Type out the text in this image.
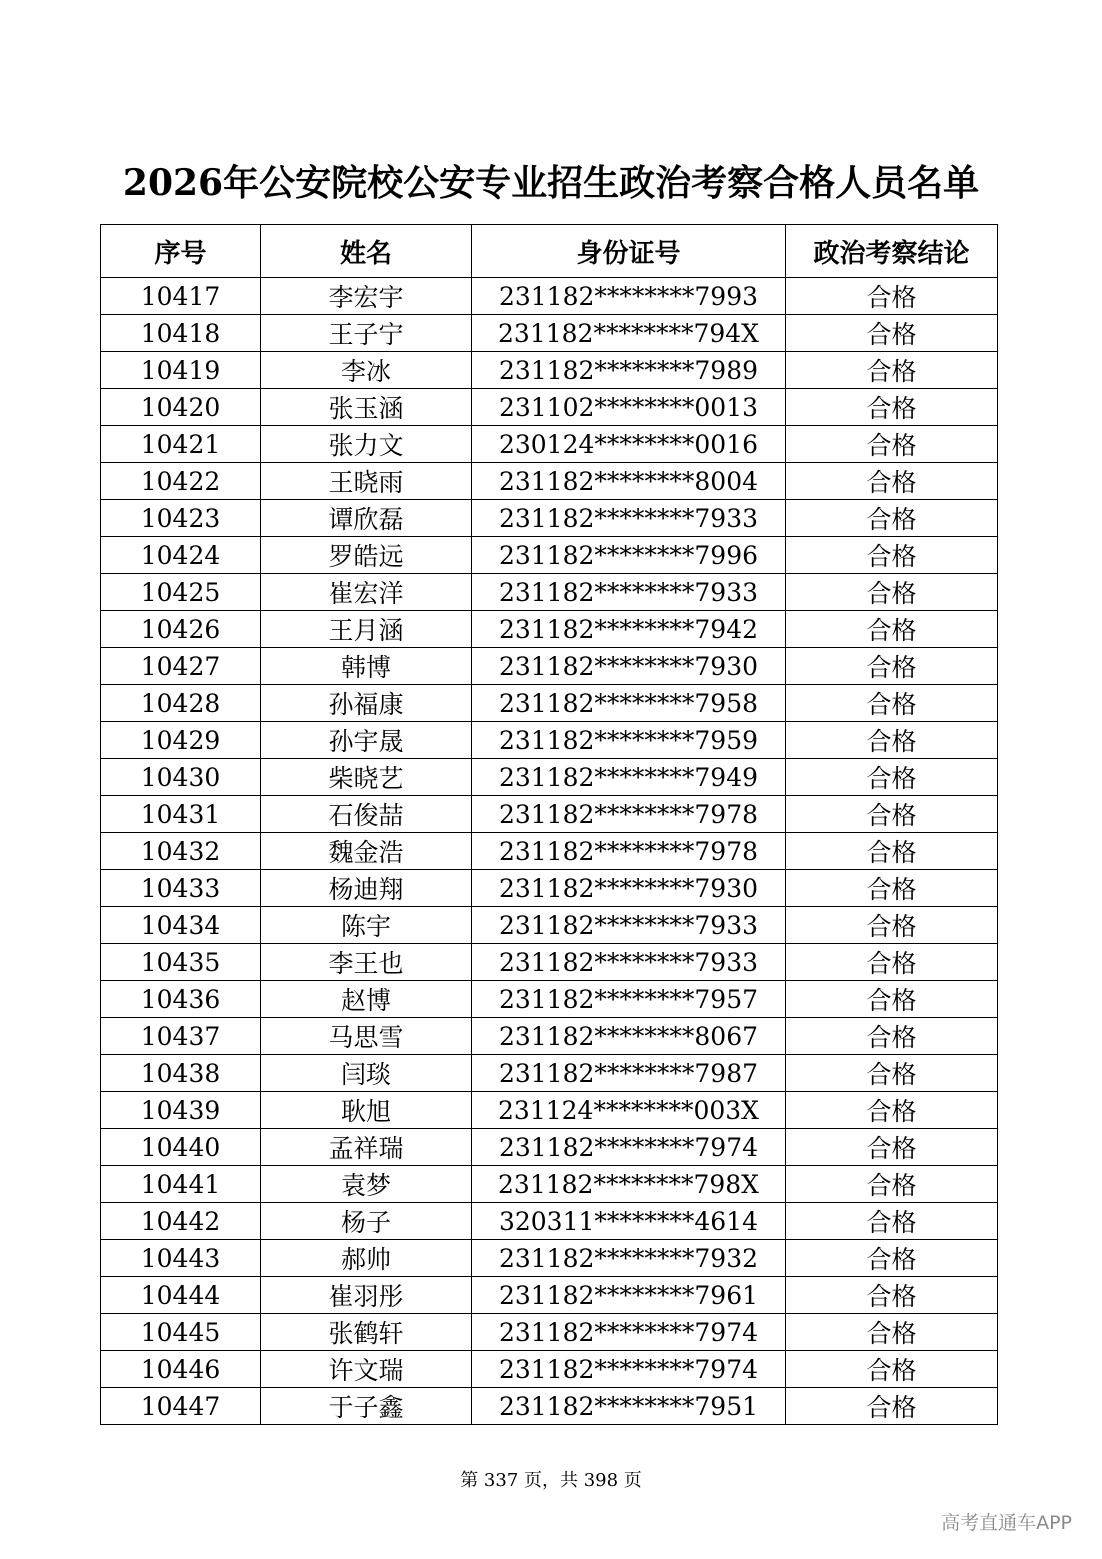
2026年公安院校公安专业招生政治考察合格人员名单
序号	姓名	身份证号	政治考察结论
10417	李宏宇	231182********7993	合格
10418	王子宁	231182********794X	合格
10419	李冰	231182********7989	合格
10420	张玉涵	231102********0013	合格
10421	张力文	230124********0016	合格
10422	王晓雨	231182********8004	合格
10423	谭欣磊	231182********7933	合格
10424	罗皓远	231182********7996	合格
10425	崔宏洋	231182********7933	合格
10426	王月涵	231182********7942	合格
10427	韩博	231182********7930	合格
10428	孙福康	231182********7958	合格
10429	孙宇晟	231182********7959	合格
10430	柴晓艺	231182********7949	合格
10431	石俊喆	231182********7978	合格
10432	魏金浩	231182********7978	合格
10433	杨迪翔	231182********7930	合格
10434	陈宇	231182********7933	合格
10435	李王也	231182********7933	合格
10436	赵博	231182********7957	合格
10437	马思雪	231182********8067	合格
10438	闫琰	231182********7987	合格
10439	耿旭	231124********003X	合格
10440	孟祥瑞	231182********7974	合格
10441	袁梦	231182********798X	合格
10442	杨子	320311********4614	合格
10443	郝帅	231182********7932	合格
10444	崔羽彤	231182********7961	合格
10445	张鹤轩	231182********7974	合格
10446	许文瑞	231182********7974	合格
10447	于子鑫	231182********7951	合格
第 337 页，共 398 页
高考直通车APP
